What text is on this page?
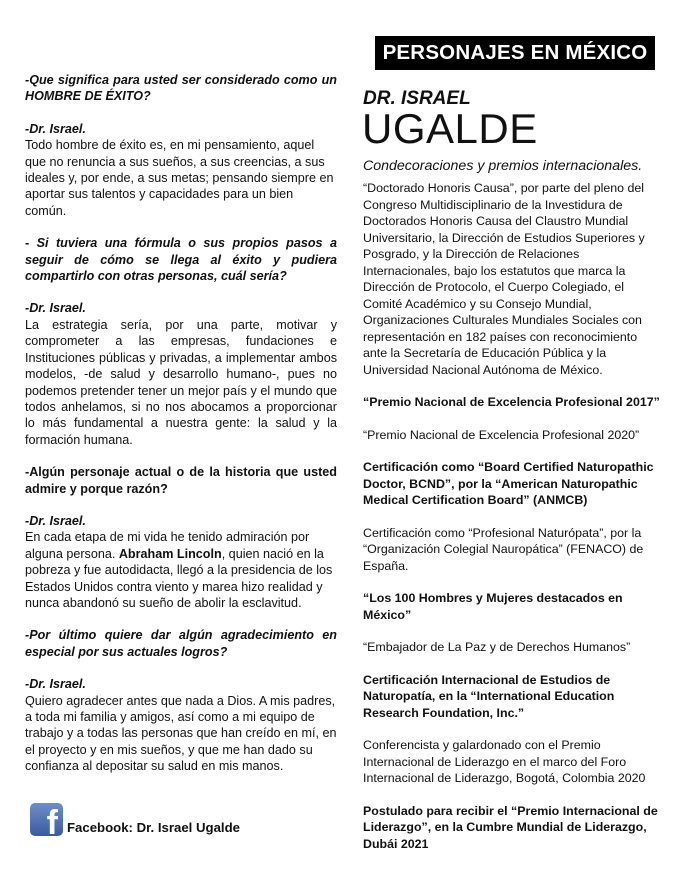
PERSONAJES EN MÉXICO
DR. ISRAEL
UGALDE
Condecoraciones y premios internacionales.

-Que significa para usted ser considerado como un HOMBRE DE ÉXITO?

-Dr. Israel.

Todo hombre de éxito es, en mi pensamiento, aquel que no renuncia a sus sueños, a sus creencias, a sus ideales y, por ende, a sus metas; pensando siempre en aportar sus talentos y capacidades para un bien común.

- Si tuviera una fórmula o sus propios pasos a seguir de cómo se llega al éxito y pudiera compartirlo con otras personas, cuál sería?

-Dr. Israel.

La estrategia sería, por una parte, motivar y comprometer a las empresas, fundaciones e Instituciones públicas y privadas, a implementar ambos modelos, -de salud y desarrollo humano-, pues no podemos pretender tener un mejor país y el mundo que todos anhelamos, si no nos abocamos a proporcionar lo más fundamental a nuestra gente: la salud y la formación humana.

-Algún personaje actual o de la historia que usted admire y porque razón?

-Dr. Israel.

En cada etapa de mi vida he tenido admiración por alguna persona. Abraham Lincoln, quien nació en la pobreza y fue autodidacta, llegó a la presidencia de los Estados Unidos contra viento y marea hizo realidad y nunca abandonó su sueño de abolir la esclavitud.

-Por último quiere dar algún agradecimiento en especial por sus actuales logros?

-Dr. Israel.

Quiero agradecer antes que nada a Dios. A mis padres, a toda mi familia y amigos, así como a mi equipo de trabajo y a todas las personas que han creído en mí, en el proyecto y en mis sueños, y que me han dado su confianza al depositar su salud en mis manos.

“Doctorado Honoris Causa”, por parte del pleno del Congreso Multidisciplinario de la Investidura de Doctorados Honoris Causa del Claustro Mundial Universitario, la Dirección de Estudios Superiores y Posgrado, y la Dirección de Relaciones Internacionales, bajo los estatutos que marca la Dirección de Protocolo, el Cuerpo Colegiado, el Comité Académico y su Consejo Mundial, Organizaciones Culturales Mundiales Sociales con representación en 182 países con reconocimiento ante la Secretaría de Educación Pública y la Universidad Nacional Autónoma de México.

“Premio Nacional de Excelencia Profesional 2017”

“Premio Nacional de Excelencia Profesional 2020”

Certificación como “Board Certified Naturopathic Doctor, BCND”, por la “American Naturopathic Medical Certification Board” (ANMCB)

Certificación como “Profesional Naturópata”, por la “Organización Colegial Nauropática” (FENACO) de España.

“Los 100 Hombres y Mujeres destacados en México”

“Embajador de La Paz y de Derechos Humanos”

Certificación Internacional de Estudios de Naturopatía, en la “International Education Research Foundation, Inc.”

Conferencista y galardonado con el Premio Internacional de Liderazgo en el marco del Foro Internacional de Liderazgo, Bogotá, Colombia 2020

Postulado para recibir el “Premio Internacional de Liderazgo”, en la Cumbre Mundial de Liderazgo, Dubái 2021

f Facebook: Dr. Israel Ugalde
